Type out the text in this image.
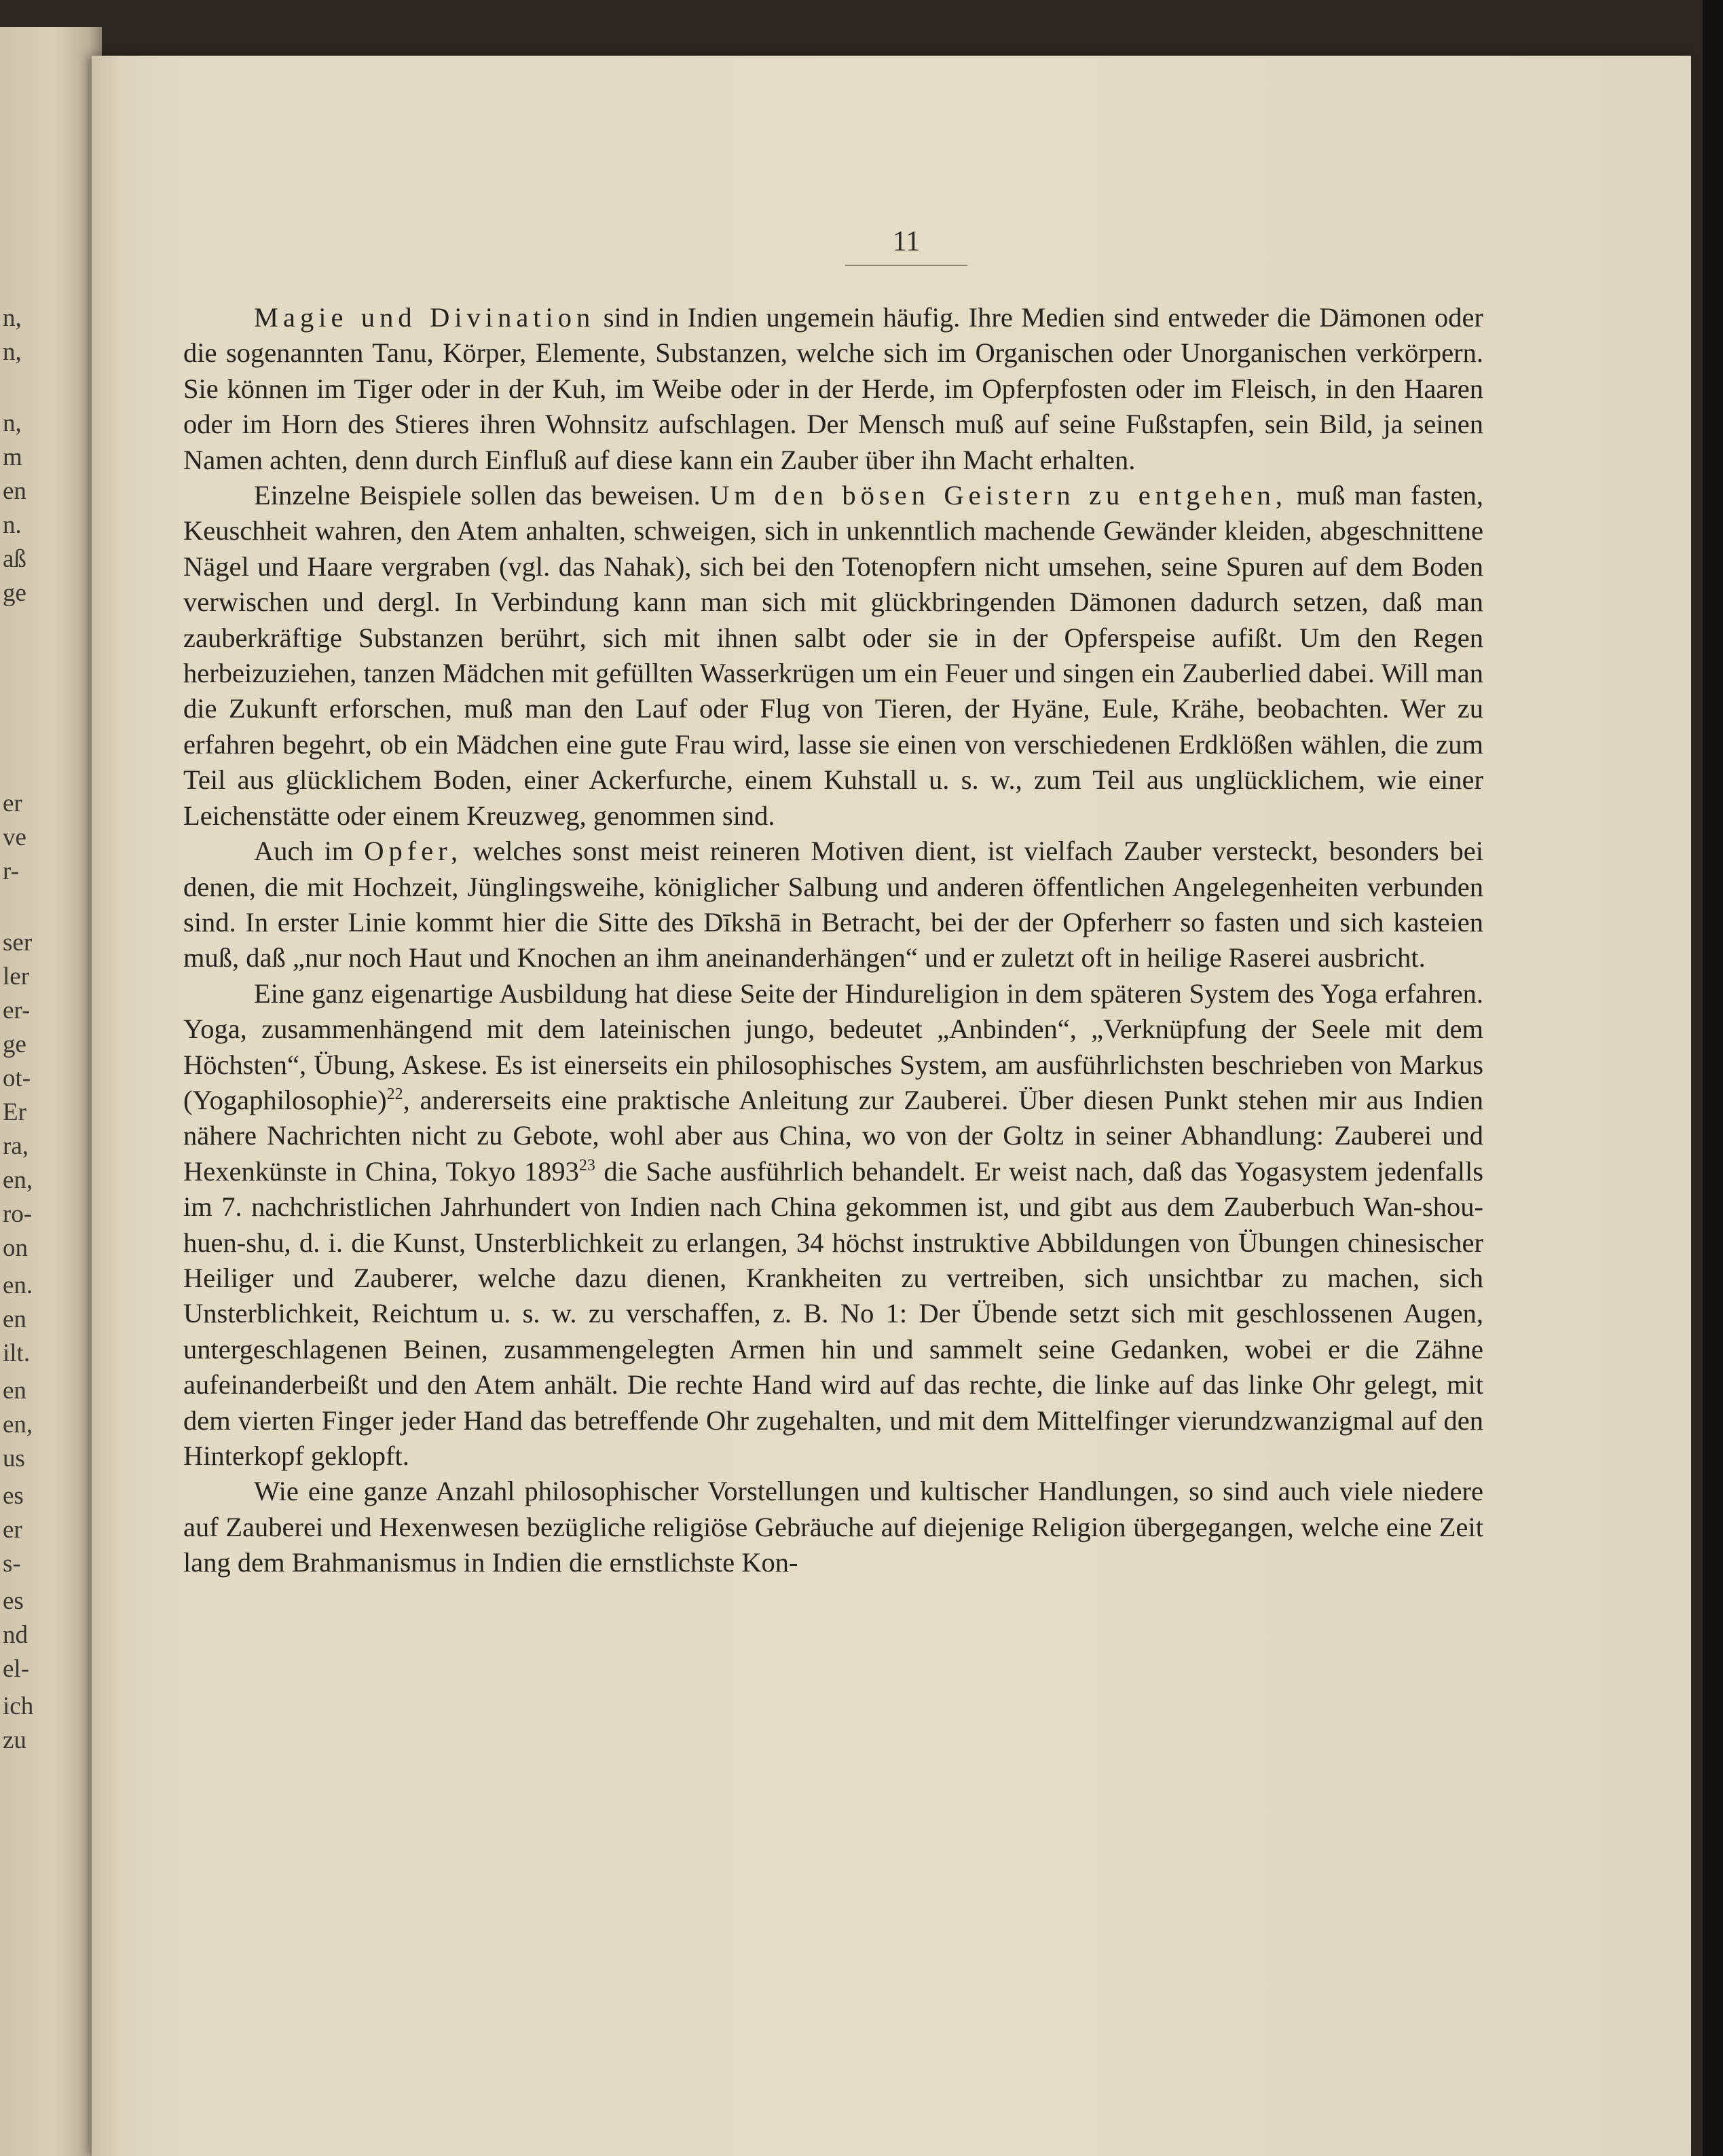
n,
n,
n,
m
en
n.
aß
ge
er
ve
r-
ser
ler
er-
ge
ot-
Er
ra,
en,
ro-
on
en.
en
ilt.
en
en,
us
es
er
s-
es
nd
el-
ich
zu
11

Magie und Divination sind in Indien ungemein häufig. Ihre Medien sind entweder die Dämonen oder die sogenannten Tanu, Körper, Elemente, Substanzen, welche sich im Organischen oder Unorganischen verkörpern. Sie können im Tiger oder in der Kuh, im Weibe oder in der Herde, im Opferpfosten oder im Fleisch, in den Haaren oder im Horn des Stieres ihren Wohnsitz aufschlagen. Der Mensch muß auf seine Fußstapfen, sein Bild, ja seinen Namen achten, denn durch Einfluß auf diese kann ein Zauber über ihn Macht erhalten.

Einzelne Beispiele sollen das beweisen. Um den bösen Geistern zu entgehen, muß man fasten, Keuschheit wahren, den Atem anhalten, schweigen, sich in unkenntlich machende Gewänder kleiden, abgeschnittene Nägel und Haare vergraben (vgl. das Nahak), sich bei den Totenopfern nicht umsehen, seine Spuren auf dem Boden verwischen und dergl. In Verbindung kann man sich mit glückbringenden Dämonen dadurch setzen, daß man zauberkräftige Substanzen berührt, sich mit ihnen salbt oder sie in der Opferspeise aufißt. Um den Regen herbeizuziehen, tanzen Mädchen mit gefüllten Wasserkrügen um ein Feuer und singen ein Zauberlied dabei. Will man die Zukunft erforschen, muß man den Lauf oder Flug von Tieren, der Hyäne, Eule, Krähe, beobachten. Wer zu erfahren begehrt, ob ein Mädchen eine gute Frau wird, lasse sie einen von verschiedenen Erdklößen wählen, die zum Teil aus glücklichem Boden, einer Ackerfurche, einem Kuhstall u. s. w., zum Teil aus unglücklichem, wie einer Leichenstätte oder einem Kreuzweg, genommen sind.

Auch im Opfer, welches sonst meist reineren Motiven dient, ist vielfach Zauber versteckt, besonders bei denen, die mit Hochzeit, Jünglingsweihe, königlicher Salbung und anderen öffentlichen Angelegenheiten verbunden sind. In erster Linie kommt hier die Sitte des Dīkshā in Betracht, bei der der Opferherr so fasten und sich kasteien muß, daß „nur noch Haut und Knochen an ihm aneinanderhängen“ und er zuletzt oft in heilige Raserei ausbricht.

Eine ganz eigenartige Ausbildung hat diese Seite der Hindureligion in dem späteren System des Yoga erfahren. Yoga, zusammenhängend mit dem lateinischen jungo, bedeutet „Anbinden“, „Verknüpfung der Seele mit dem Höchsten“, Übung, Askese. Es ist einerseits ein philosophisches System, am ausführlichsten beschrieben von Markus (Yogaphilosophie)$^{22}$, andererseits eine praktische Anleitung zur Zauberei. Über diesen Punkt stehen mir aus Indien nähere Nachrichten nicht zu Gebote, wohl aber aus China, wo von der Goltz in seiner Abhandlung: Zauberei und Hexenkünste in China, Tokyo 1893$^{23}$ die Sache ausführlich behandelt. Er weist nach, daß das Yogasystem jedenfalls im 7. nachchristlichen Jahrhundert von Indien nach China gekommen ist, und gibt aus dem Zauberbuch Wan-shou-huen-shu, d. i. die Kunst, Unsterblichkeit zu erlangen, 34 höchst instruktive Abbildungen von Übungen chinesischer Heiliger und Zauberer, welche dazu dienen, Krankheiten zu vertreiben, sich unsichtbar zu machen, sich Unsterblichkeit, Reichtum u. s. w. zu verschaffen, z. B. No 1: Der Übende setzt sich mit geschlossenen Augen, untergeschlagenen Beinen, zusammengelegten Armen hin und sammelt seine Gedanken, wobei er die Zähne aufeinanderbeißt und den Atem anhält. Die rechte Hand wird auf das rechte, die linke auf das linke Ohr gelegt, mit dem vierten Finger jeder Hand das betreffende Ohr zugehalten, und mit dem Mittelfinger vierundzwanzigmal auf den Hinterkopf geklopft.

Wie eine ganze Anzahl philosophischer Vorstellungen und kultischer Handlungen, so sind auch viele niedere auf Zauberei und Hexenwesen bezügliche religiöse Gebräuche auf diejenige Religion übergegangen, welche eine Zeit lang dem Brahmanismus in Indien die ernstlichste Kon-
